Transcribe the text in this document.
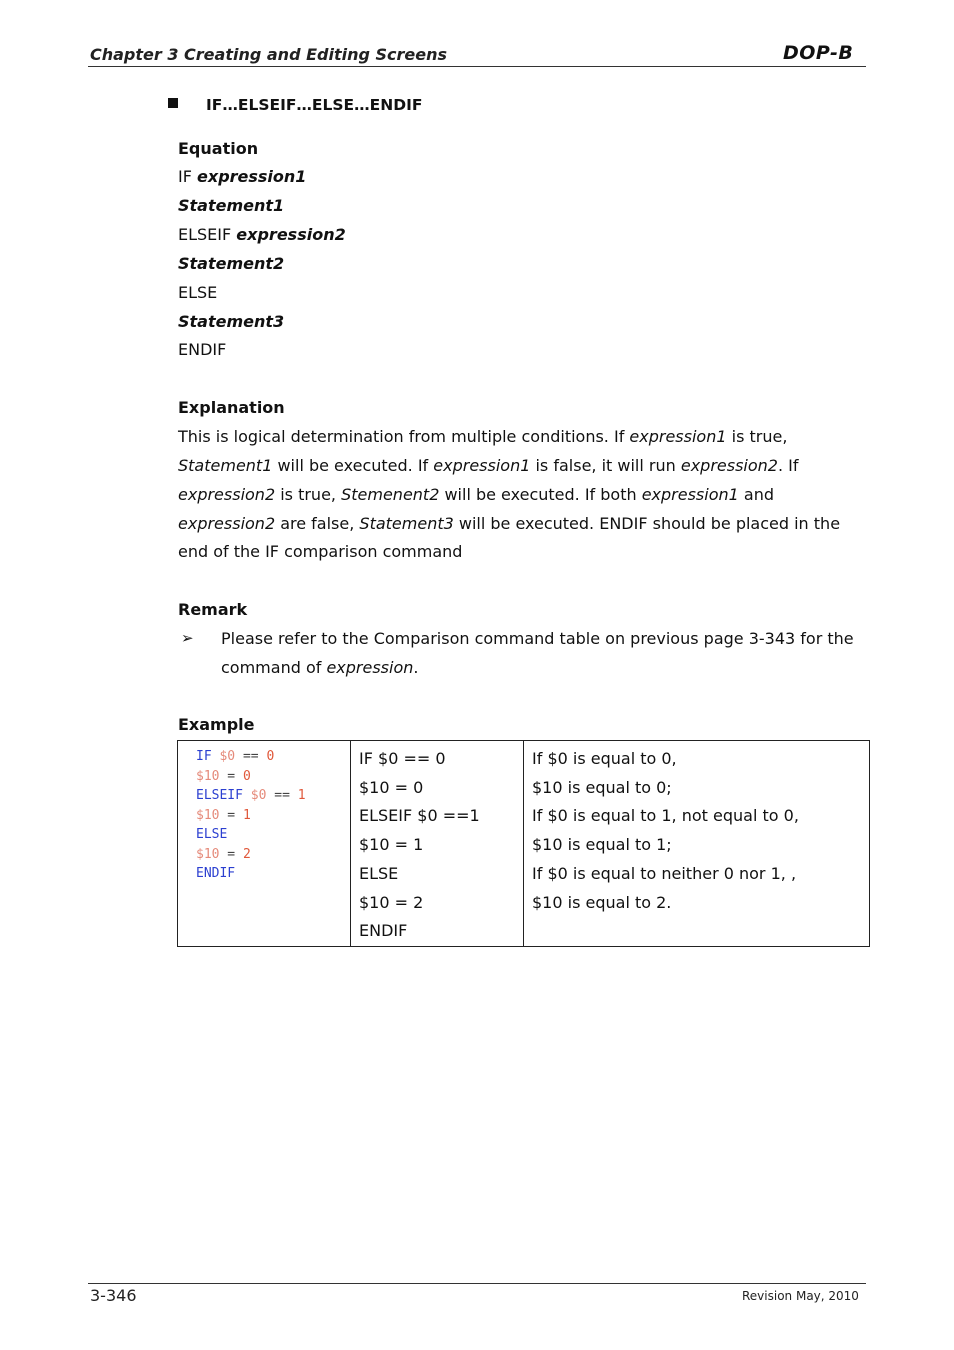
Chapter 3 Creating and Editing Screens	DOP-B
IF…ELSEIF…ELSE…ENDIF
Equation
IF expression1
Statement1
ELSEIF expression2
Statement2
ELSE
Statement3
ENDIF
Explanation
This is logical determination from multiple conditions. If expression1 is true,
Statement1 will be executed. If expression1 is false, it will run expression2. If
expression2 is true, Stemenent2 will be executed. If both expression1 and
expression2 are false, Statement3 will be executed. ENDIF should be placed in the
end of the IF comparison command
Remark
➢ Please refer to the Comparison command table on previous page 3-343 for the
command of expression.
Example
IF $0 == 0
$10 = 0
ELSEIF $0 == 1
$10 = 1
ELSE
$10 = 2
ENDIF

IF $0 == 0
$10 = 0
ELSEIF $0 ==1
$10 = 1
ELSE
$10 = 2
ENDIF

If $0 is equal to 0,
$10 is equal to 0;
If $0 is equal to 1, not equal to 0,
$10 is equal to 1;
If $0 is equal to neither 0 nor 1, ,
$10 is equal to 2.
3-346	Revision May, 2010
